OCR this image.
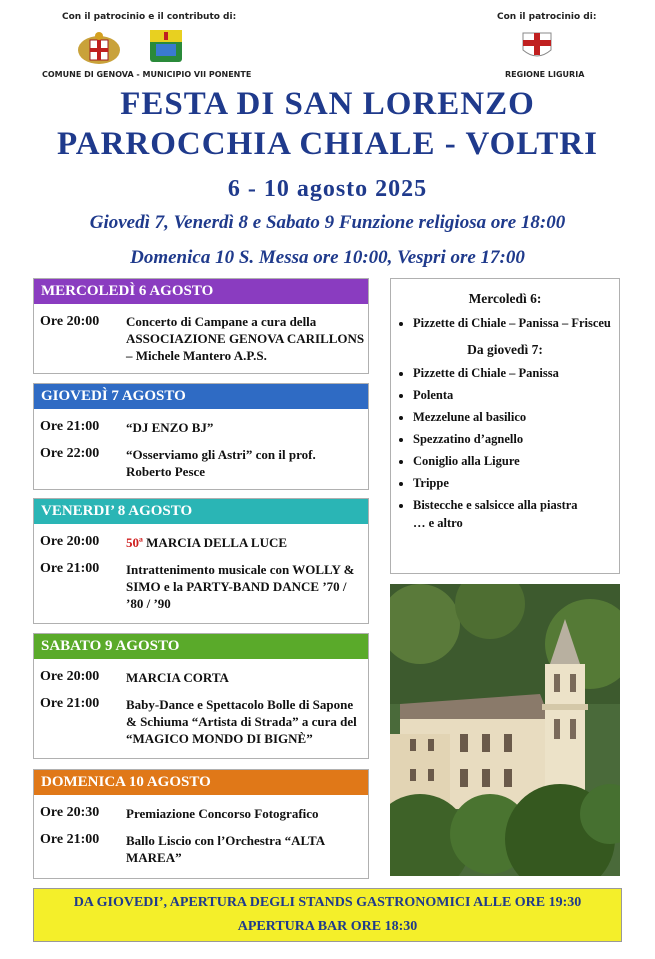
Con il patrocinio e il contributo di:	Con il patrocinio di:
COMUNE DI GENOVA - MUNICIPIO VII PONENTE	REGIONE LIGURIA
FESTA DI SAN LORENZO
PARROCCHIA CHIALE - VOLTRI
6 - 10 agosto 2025
Giovedì 7, Venerdì 8 e Sabato 9 Funzione religiosa ore 18:00
Domenica 10 S. Messa ore 10:00, Vespri ore 17:00
MERCOLEDÌ 6 AGOSTO
Ore 20:00	Concerto di Campane a cura della ASSOCIAZIONE GENOVA CARILLONS – Michele Mantero A.P.S.
GIOVEDÌ 7 AGOSTO
Ore 21:00	“DJ ENZO BJ”
Ore 22:00	“Osserviamo gli Astri” con il prof. Roberto Pesce
VENERDI’ 8 AGOSTO
Ore 20:00	50ª MARCIA DELLA LUCE
Ore 21:00	Intrattenimento musicale con WOLLY & SIMO e la PARTY-BAND DANCE ’70 / ’80 / ’90
SABATO 9 AGOSTO
Ore 20:00	MARCIA CORTA
Ore 21:00	Baby-Dance e Spettacolo Bolle di Sapone & Schiuma “Artista di Strada” a cura del “MAGICO MONDO DI BIGNÈ”
DOMENICA 10 AGOSTO
Ore 20:30	Premiazione Concorso Fotografico
Ore 21:00	Ballo Liscio con l’Orchestra “ALTA MAREA”
Mercoledì 6:
• Pizzette di Chiale – Panissa – Frisceu
Da giovedì 7:
• Pizzette di Chiale – Panissa
• Polenta
• Mezzelune al basilico
• Spezzatino d’agnello
• Coniglio alla Ligure
• Trippe
• Bistecche e salsicce alla piastra
… e altro
DA GIOVEDI’, APERTURA DEGLI STANDS GASTRONOMICI ALLE ORE 19:30
APERTURA BAR ORE 18:30
